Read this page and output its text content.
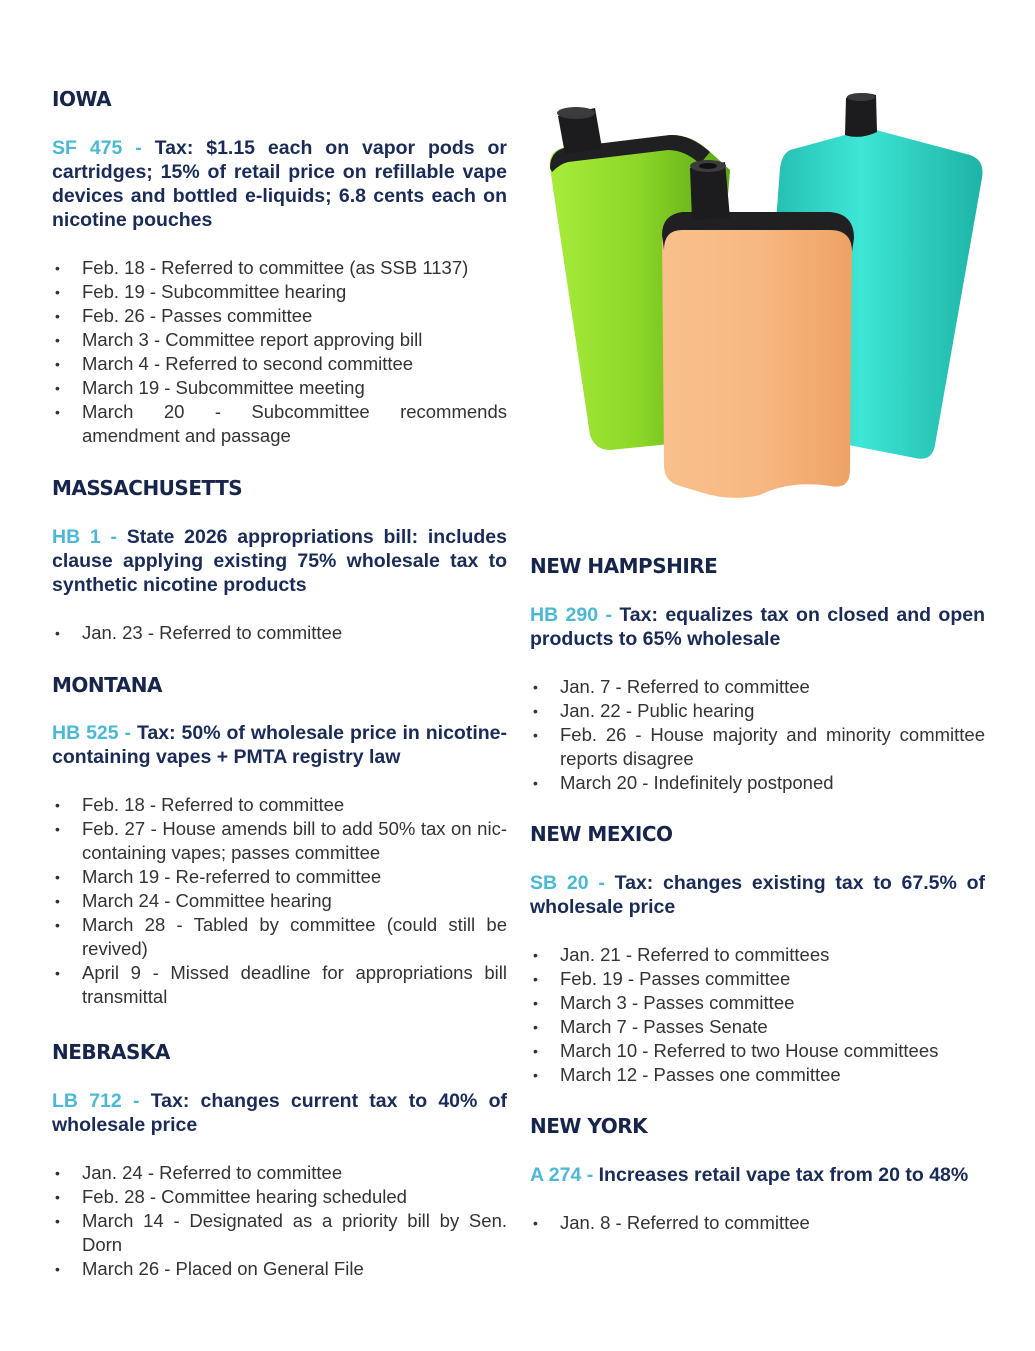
IOWA

SF 475 - Tax: $1.15 each on vapor pods or cartridges; 15% of retail price on refillable vape devices and bottled e-liquids; 6.8 cents each on nicotine pouches

• Feb. 18 - Referred to committee (as SSB 1137)
• Feb. 19 - Subcommittee hearing
• Feb. 26 - Passes committee
• March 3 - Committee report approving bill
• March 4 - Referred to second committee
• March 19 - Subcommittee meeting
• March 20 - Subcommittee recommends amendment and passage
MASSACHUSETTS

HB 1 - State 2026 appropriations bill: includes clause applying existing 75% wholesale tax to synthetic nicotine products

• Jan. 23 - Referred to committee
MONTANA

HB 525 - Tax: 50% of wholesale price in nicotine-containing vapes + PMTA registry law

• Feb. 18 - Referred to committee
• Feb. 27 - House amends bill to add 50% tax on nic-containing vapes; passes committee
• March 19 - Re-referred to committee
• March 24 - Committee hearing
• March 28 - Tabled by committee (could still be revived)
• April 9 - Missed deadline for appropriations bill transmittal
NEBRASKA

LB 712 - Tax: changes current tax to 40% of wholesale price

• Jan. 24 - Referred to committee
• Feb. 28 - Committee hearing scheduled
• March 14 - Designated as a priority bill by Sen. Dorn
• March 26 - Placed on General File
NEW HAMPSHIRE

HB 290 - Tax: equalizes tax on closed and open products to 65% wholesale

• Jan. 7 - Referred to committee
• Jan. 22 - Public hearing
• Feb. 26 - House majority and minority committee reports disagree
• March 20 - Indefinitely postponed
NEW MEXICO

SB 20 - Tax: changes existing tax to 67.5% of wholesale price

• Jan. 21 - Referred to committees
• Feb. 19 - Passes committee
• March 3 - Passes committee
• March 7 - Passes Senate
• March 10 - Referred to two House committees
• March 12 - Passes one committee
NEW YORK

A 274 - Increases retail vape tax from 20 to 48%

• Jan. 8 - Referred to committee
